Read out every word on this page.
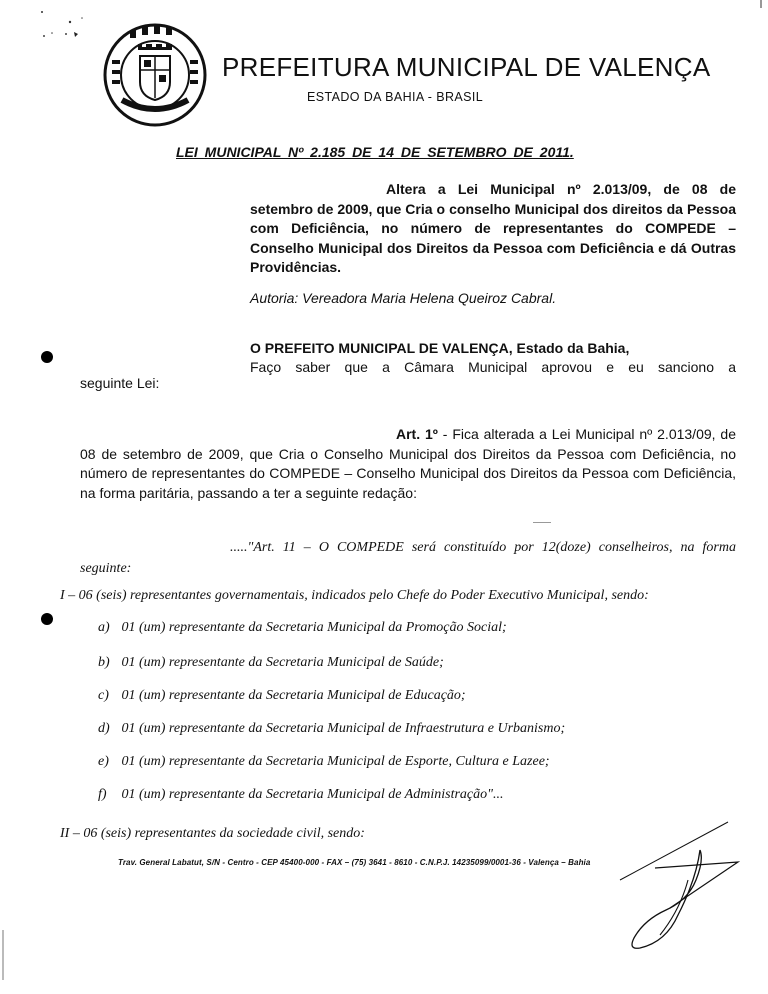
PREFEITURA MUNICIPAL DE VALENÇA
ESTADO DA BAHIA - BRASIL
LEI MUNICIPAL Nº 2.185 DE 14 DE SETEMBRO DE 2011.

Altera a Lei Municipal nº 2.013/09, de 08 de setembro de 2009, que Cria o conselho Municipal dos direitos da Pessoa com Deficiência, no número de representantes do COMPEDE – Conselho Municipal dos Direitos da Pessoa com Deficiência e dá Outras Providências.

Autoria: Vereadora Maria Helena Queiroz Cabral.
O PREFEITO MUNICIPAL DE VALENÇA, Estado da Bahia,
Faço saber que a Câmara Municipal aprovou e eu sanciono a
seguinte Lei:

Art. 1º - Fica alterada a Lei Municipal nº 2.013/09, de 08 de setembro de 2009, que Cria o Conselho Municipal dos Direitos da Pessoa com Deficiência, no número de representantes do COMPEDE – Conselho Municipal dos Direitos da Pessoa com Deficiência, na forma paritária, passando a ter a seguinte redação:

....."Art. 11 – O COMPEDE será constituído por 12(doze) conselheiros, na forma seguinte:

I – 06 (seis) representantes governamentais, indicados pelo Chefe do Poder Executivo Municipal, sendo:
a) 01 (um) representante da Secretaria Municipal da Promoção Social;
b) 01 (um) representante da Secretaria Municipal de Saúde;
c) 01 (um) representante da Secretaria Municipal de Educação;
d) 01 (um) representante da Secretaria Municipal de Infraestrutura e Urbanismo;
e) 01 (um) representante da Secretaria Municipal de Esporte, Cultura e Lazee;
f) 01 (um) representante da Secretaria Municipal de Administração"...
II – 06 (seis) representantes da sociedade civil, sendo:
Trav. General Labatut, S/N - Centro - CEP 45400-000 - FAX – (75) 3641 - 8610 - C.N.P.J. 14235099/0001-36 - Valença – Bahia
